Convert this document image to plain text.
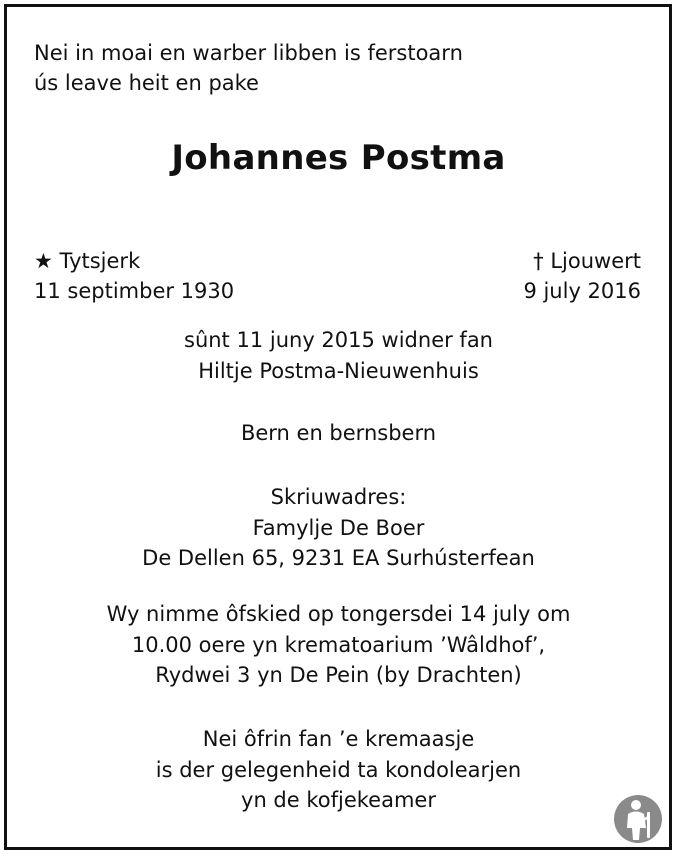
Nei in moai en warber libben is ferstoarn
ús leave heit en pake
Johannes Postma
★ Tytsjerk
11 septimber 1930
† Ljouwert
9 july 2016
sûnt 11 juny 2015 widner fan
Hiltje Postma-Nieuwenhuis
Bern en bernsbern
Skriuwadres:
Famylje De Boer
De Dellen 65, 9231 EA Surhústerfean
Wy nimme ôfskied op tongersdei 14 july om
10.00 oere yn krematoarium ’Wâldhof’,
Rydwei 3 yn De Pein (by Drachten)
Nei ôfrin fan ’e kremaasje
is der gelegenheid ta kondolearjen
yn de kofjekeamer
